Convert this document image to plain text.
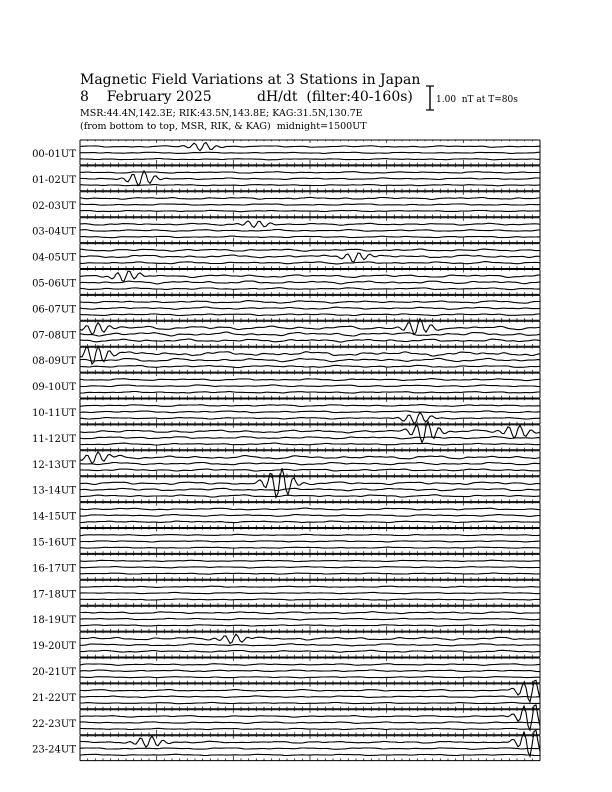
Magnetic Field Variations at 3 Stations in Japan
8    February 2025	dH/dt  (filter:40-160s)
MSR:44.4N,142.3E; RIK:43.5N,143.8E; KAG:31.5N,130.7E
(from bottom to top, MSR, RIK, & KAG)  midnight=1500UT
1.00  nT at T=80s
00-01UT
01-02UT
02-03UT
03-04UT
04-05UT
05-06UT
06-07UT
07-08UT
08-09UT
09-10UT
10-11UT
11-12UT
12-13UT
13-14UT
14-15UT
15-16UT
16-17UT
17-18UT
18-19UT
19-20UT
20-21UT
21-22UT
22-23UT
23-24UT
